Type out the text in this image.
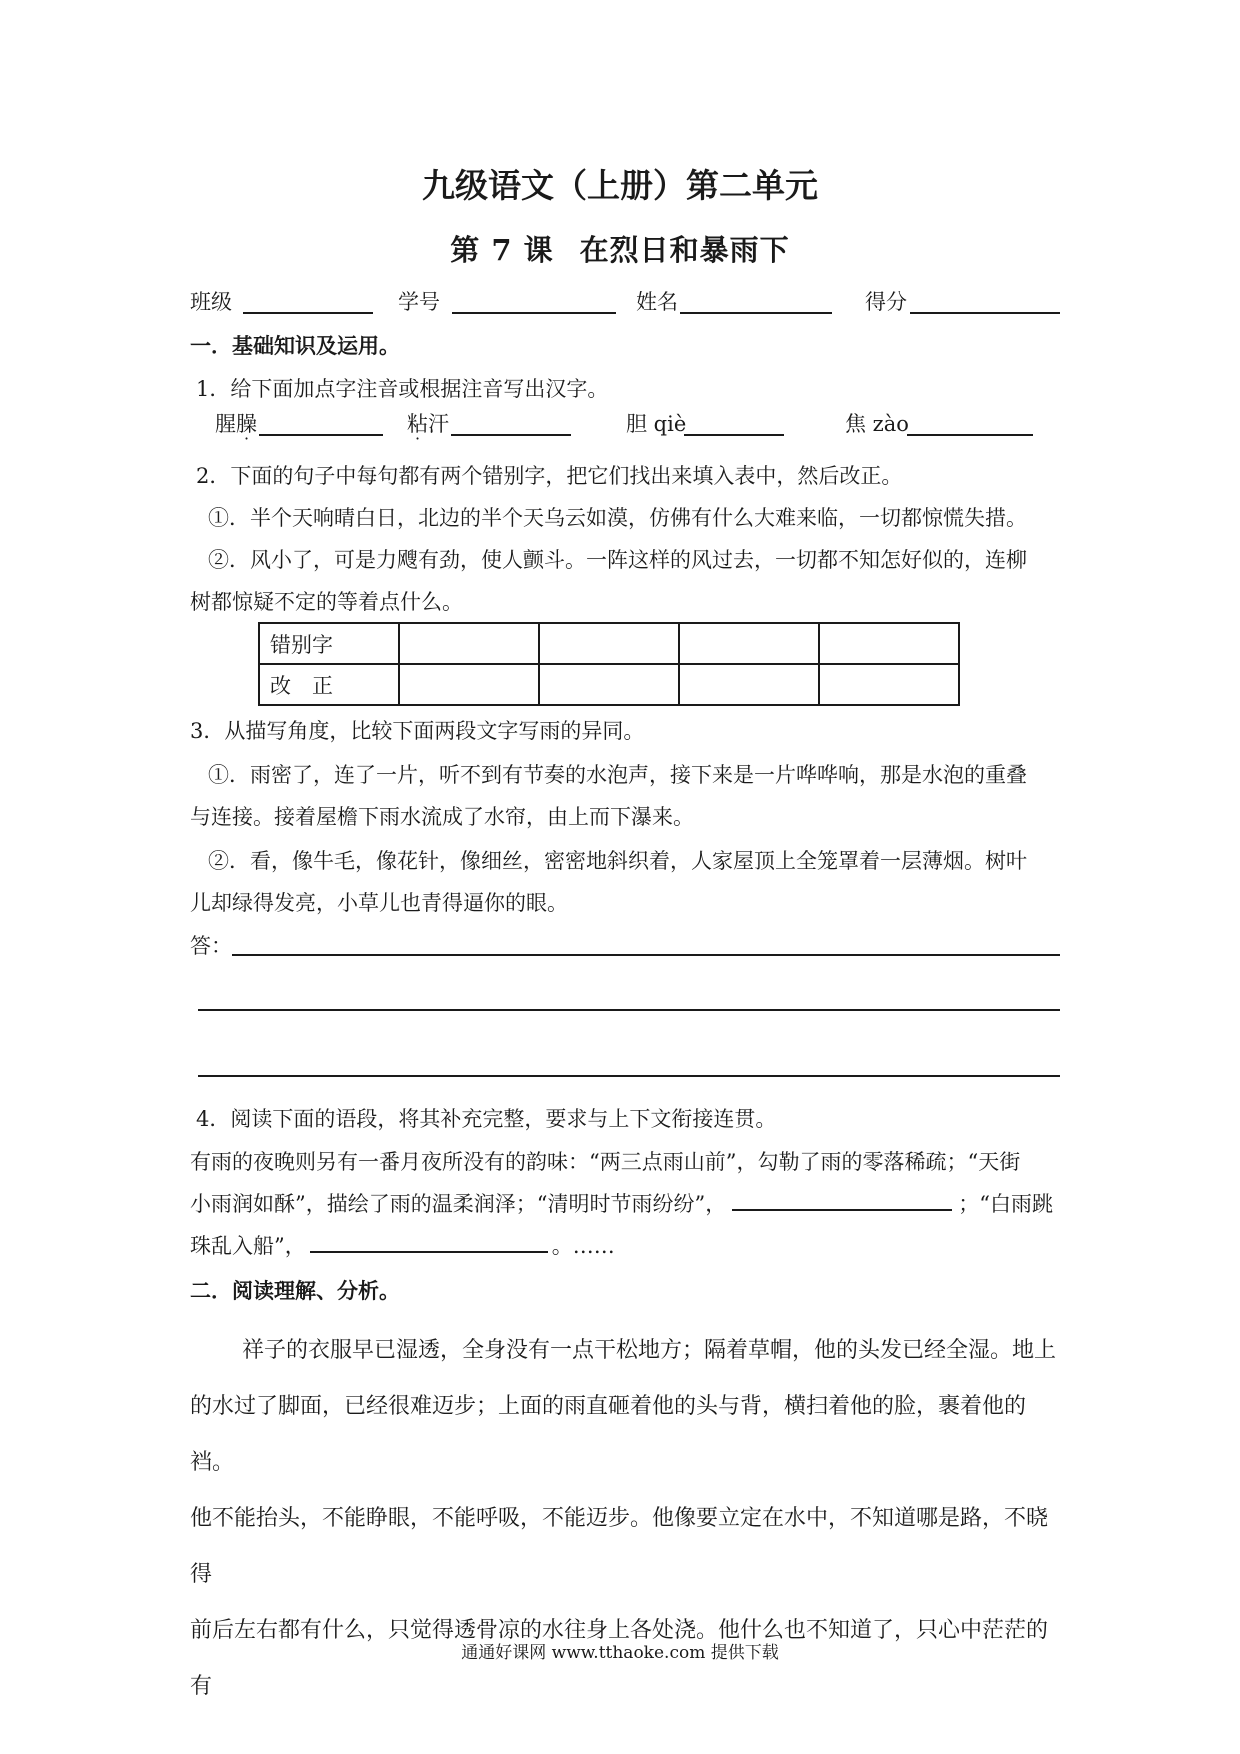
九级语文（上册）第二单元
第 7 课 在烈日和暴雨下
班级	学号	姓名	得分
一．基础知识及运用。
1．给下面加点字注音或根据注音写出汉字。
腥臊	粘汗	胆 qiè	焦 zào
2．下面的句子中每句都有两个错别字，把它们找出来填入表中，然后改正。
①．半个天响晴白日，北边的半个天乌云如漠，仿佛有什么大难来临，一切都惊慌失措。
②．风小了，可是力飕有劲，使人颤斗。一阵这样的风过去，一切都不知怎好似的，连柳
树都惊疑不定的等着点什么。
错别字				
改　正				
3．从描写角度，比较下面两段文字写雨的异同。
①．雨密了，连了一片，听不到有节奏的水泡声，接下来是一片哗哗响，那是水泡的重叠
与连接。接着屋檐下雨水流成了水帘，由上而下瀑来。
②．看，像牛毛，像花针，像细丝，密密地斜织着，人家屋顶上全笼罩着一层薄烟。树叶
儿却绿得发亮，小草儿也青得逼你的眼。
答：
4．阅读下面的语段，将其补充完整，要求与上下文衔接连贯。
有雨的夜晚则另有一番月夜所没有的韵味：“两三点雨山前”，勾勒了雨的零落稀疏；“天街
小雨润如酥”，描绘了雨的温柔润泽；“清明时节雨纷纷”，	；“白雨跳
珠乱入船”，	。……
二．阅读理解、分析。
祥子的衣服早已湿透，全身没有一点干松地方；隔着草帽，他的头发已经全湿。地上
的水过了脚面，已经很难迈步；上面的雨直砸着他的头与背，横扫着他的脸，裹着他的裆。
他不能抬头，不能睁眼，不能呼吸，不能迈步。他像要立定在水中，不知道哪是路，不晓得
前后左右都有什么，只觉得透骨凉的水往身上各处浇。他什么也不知道了，只心中茫茫的有
通通好课网 www.tthaoke.com 提供下载
